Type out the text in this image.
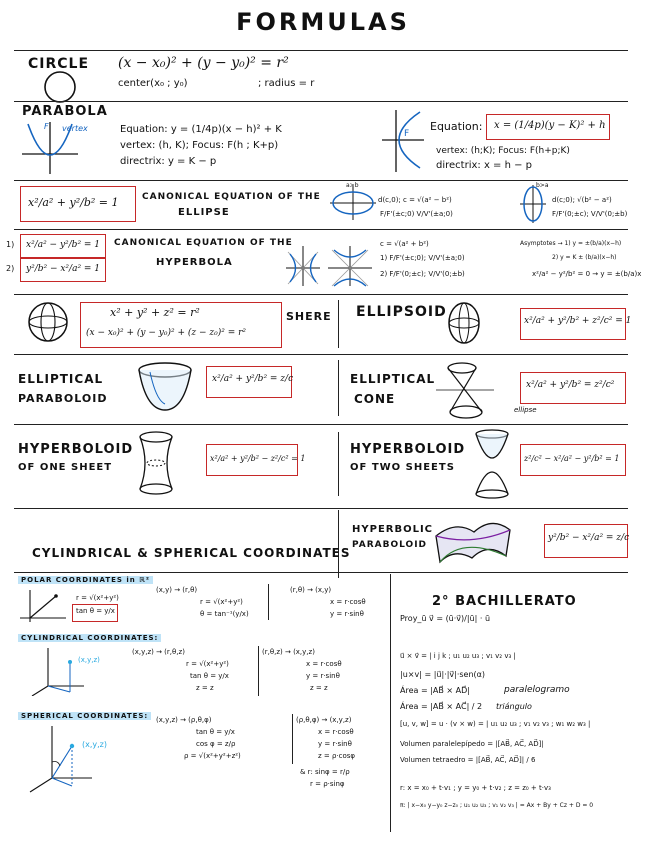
FORMULAS
CIRCLE (x − x₀)² + (y − y₀)² = r²
center(x₀ ; y₀)	; radius = r
PARABOLA
F vertex	Equation: y = (1/4p)(x − h)² + K
vertex: (h, K); Focus: F(h ; K+p)
directrix: y = K − p
F
Equation: x = (1/4p)(y − K)² + h
vertex: (h;K); Focus: F(h+p;K)
directrix: x = h − p
x²/a² + y²/b² = 1	CANONICAL EQUATION OF THE
ELLIPSE
a>b
d(c,0); c = √(a² − b²)
F/F'(±c;0) V/V'(±a;0)
b>a
d(c;0); √(b² − a²)
F/F'(0;±c); V/V'(0;±b)
1)
2)
x²/a² − y²/b² = 1
y²/b² − x²/a² = 1
CANONICAL EQUATION OF THE
HYPERBOLA
c = √(a² + b²)
1) F/F'(±c;0); V/V'(±a;0)
2) F/F'(0;±c); V/V'(0;±b)
Asymptotes → 1) y = ±(b/a)(x−h)
2) y = K ± (b/a)(x−h)
x²/a² − y²/b² = 0 → y = ±(b/a)x
x² + y² + z² = r²
(x − x₀)² + (y − y₀)² + (z − z₀)² = r²
SHERE ELLIPSOID
x²/a² + y²/b² + z²/c² = 1
ELLIPTICAL
PARABOLOID
x²/a² + y²/b² = z/c	ELLIPTICAL
CONE
ellipse
x²/a² + y²/b² = z²/c²
HYPERBOLOID
OF ONE SHEET
x²/a² + y²/b² − z²/c² = 1
HYPERBOLOID
OF TWO SHEETS
z²/c² − x²/a² − y²/b² = 1
HYPERBOLIC
PARABOLOID
y²/b² − x²/a² = z/c
CYLINDRICAL & SPHERICAL COORDINATES
POLAR COORDINATES in ℝ²
r = √(x²+y²)
tan θ = y/x
(x,y) → (r,θ)
r = √(x²+y²)
θ = tan⁻¹(y/x)
(r,θ) → (x,y)
x = r·cosθ
y = r·sinθ
CYLINDRICAL COORDINATES:
(x,y,z)
(x,y,z) → (r,θ,z)
r = √(x²+y²)
tan θ = y/x
z = z
(r,θ,z) → (x,y,z)
x = r·cosθ
y = r·sinθ
z = z
SPHERICAL COORDINATES:
(x,y,z)
(x,y,z) → (ρ,θ,φ)
tan θ = y/x
cos φ = z/ρ
ρ = √(x²+y²+z²)
(ρ,θ,φ) → (x,y,z)
x = r·cosθ
y = r·sinθ
z = ρ·cosφ
& r: sinφ = r/ρ
r = ρ·sinφ
2° BACHILLERATO
Proy_ū v⃗ = (ū·v⃗)/|ū| · ū
u⃗ × v⃗ = | i j k ; u₁ u₂ u₃ ; v₁ v₂ v₃ |
|u×v| = |u⃗|·|v⃗|·sen(α)
Área = |AB⃗ × AD⃗|	paralelogramo
Área = |AB⃗ × AC⃗| / 2 triángulo
[u, v, w] = u · (v × w) = | u₁ u₂ u₃ ; v₁ v₂ v₃ ; w₁ w₂ w₃ |
Volumen paralelepípedo = |[AB⃗, AC⃗, AD⃗]|
Volumen tetraedro = |[AB⃗, AC⃗, AD⃗]| / 6
r: x = x₀ + t·v₁ ; y = y₀ + t·v₂ ; z = z₀ + t·v₃
π: | x−x₀ y−y₀ z−z₀ ; u₁ u₂ u₃ ; v₁ v₂ v₃ | = Ax + By + Cz + D = 0
